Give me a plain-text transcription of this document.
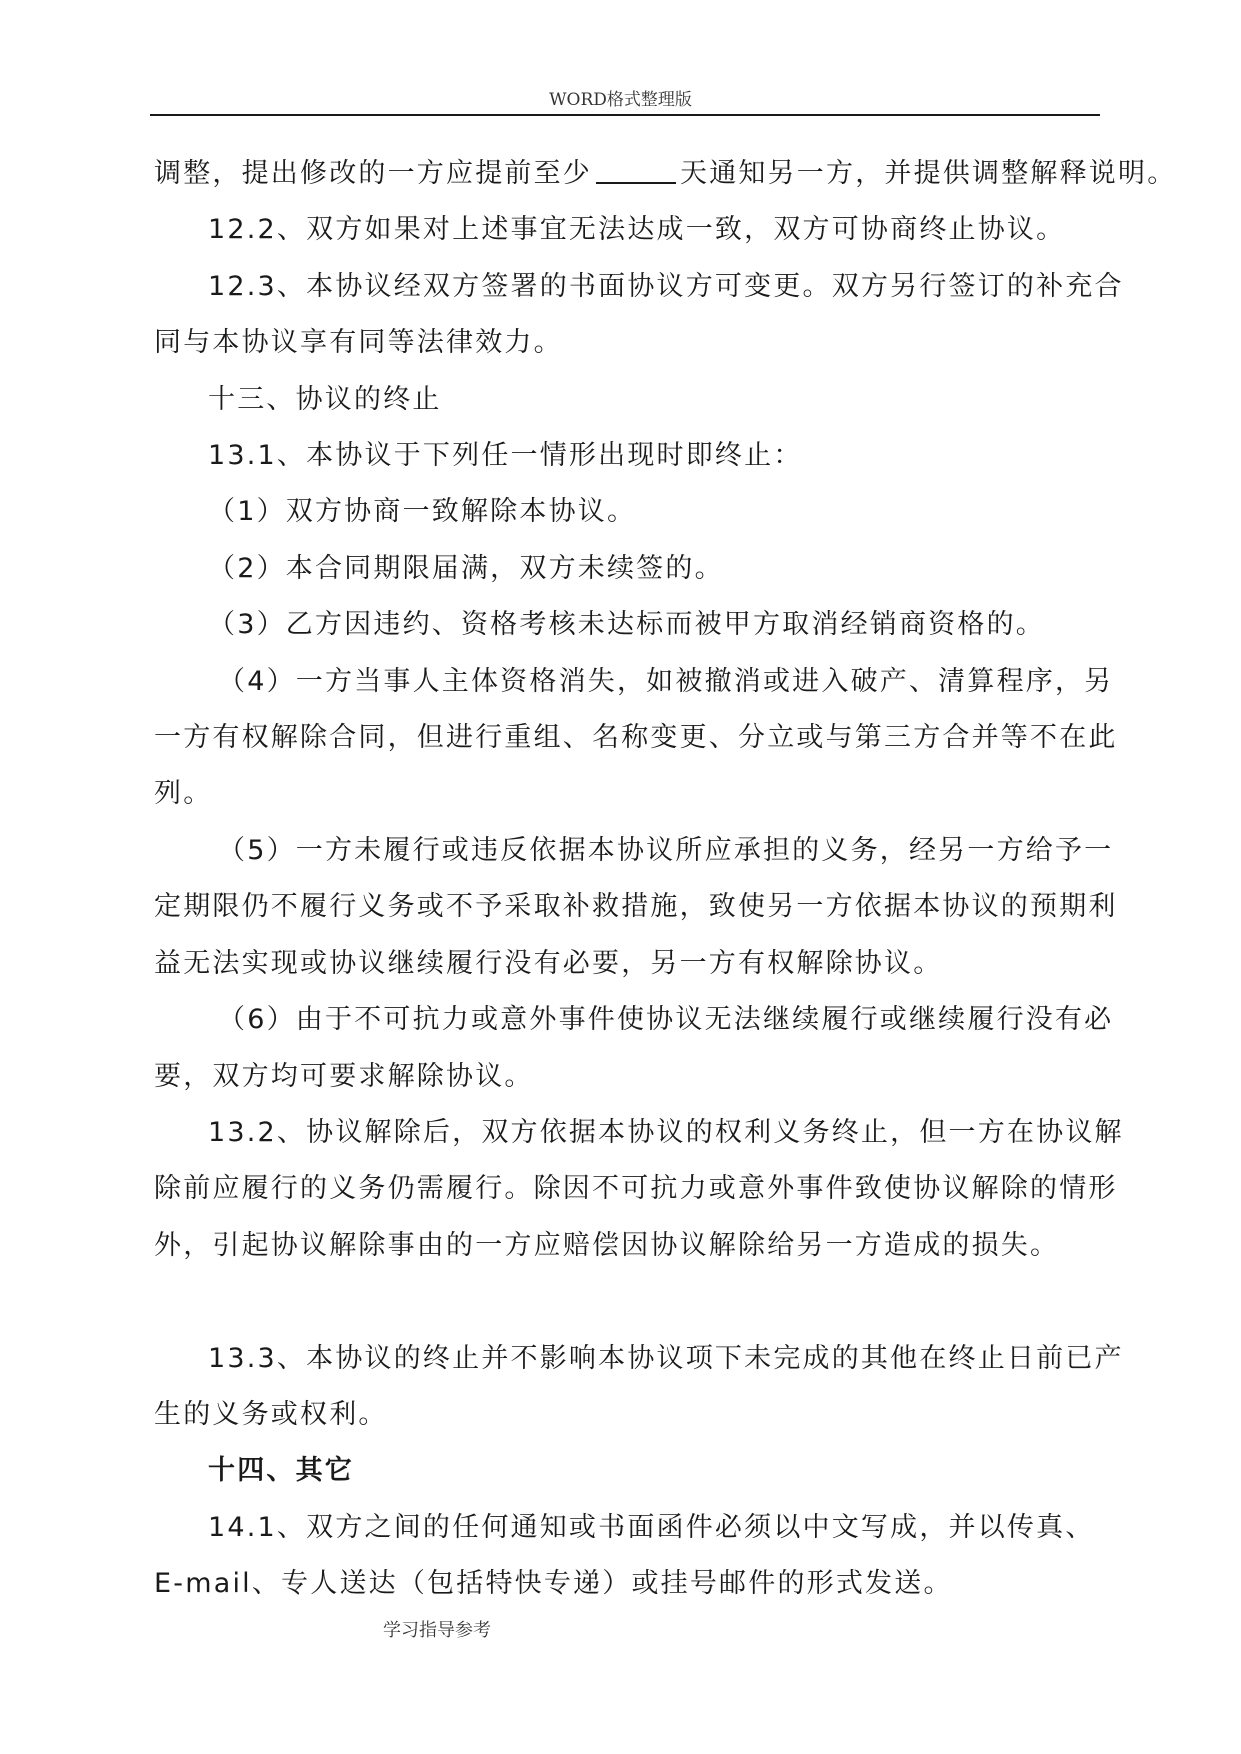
WORD格式整理版

调整，提出修改的一方应提前至少	天通知另一方，并提供调整解释说明。

12.2、双方如果对上述事宜无法达成一致，双方可协商终止协议。

12.3、本协议经双方签署的书面协议方可变更。双方另行签订的补充合

同与本协议享有同等法律效力。

十三、协议的终止

13.1、本协议于下列任一情形出现时即终止：

（1）双方协商一致解除本协议。

（2）本合同期限届满，双方未续签的。

（3）乙方因违约、资格考核未达标而被甲方取消经销商资格的。

（4）一方当事人主体资格消失，如被撤消或进入破产、清算程序，另

一方有权解除合同，但进行重组、名称变更、分立或与第三方合并等不在此

列。

（5）一方未履行或违反依据本协议所应承担的义务，经另一方给予一

定期限仍不履行义务或不予采取补救措施，致使另一方依据本协议的预期利

益无法实现或协议继续履行没有必要，另一方有权解除协议。

（6）由于不可抗力或意外事件使协议无法继续履行或继续履行没有必

要，双方均可要求解除协议。

13.2、协议解除后，双方依据本协议的权利义务终止，但一方在协议解

除前应履行的义务仍需履行。除因不可抗力或意外事件致使协议解除的情形

外，引起协议解除事由的一方应赔偿因协议解除给另一方造成的损失。

13.3、本协议的终止并不影响本协议项下未完成的其他在终止日前已产

生的义务或权利。

十四、其它

14.1、双方之间的任何通知或书面函件必须以中文写成，并以传真、

E-mail、专人送达（包括特快专递）或挂号邮件的形式发送。

学习指导参考
